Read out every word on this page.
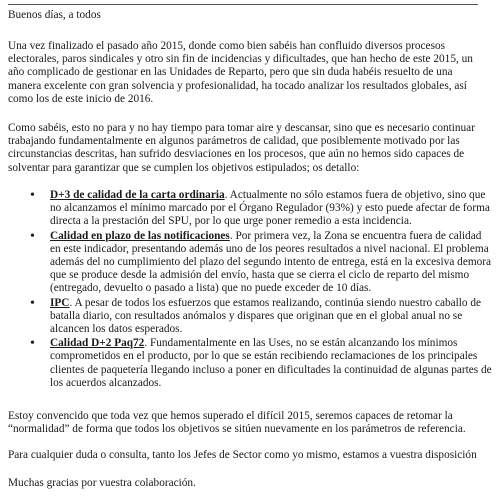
Buenos días, a todos
Una vez finalizado el pasado año 2015, donde como bien sabéis han confluido diversos procesos electorales, paros sindicales y otro sin fin de incidencias y dificultades, que han hecho de este 2015, un año complicado de gestionar en las Unidades de Reparto, pero que sin duda habéis resuelto de una manera excelente con gran solvencia y profesionalidad, ha tocado analizar los resultados globales, así como los de este inicio de 2016.
Como sabéis, esto no para y no hay tiempo para tomar aire y descansar, sino que es necesario continuar trabajando fundamentalmente en algunos parámetros de calidad, que posiblemente motivado por las circunstancias descritas, han sufrido desviaciones en los procesos, que aún no hemos sido capaces de solventar para garantizar que se cumplen los objetivos estipulados; os detallo:
• D+3 de calidad de la carta ordinaria. Actualmente no sólo estamos fuera de objetivo, sino que no alcanzamos el mínimo marcado por el Órgano Regulador (93%) y esto puede afectar de forma directa a la prestación del SPU, por lo que urge poner remedio a esta incidencia.
• Calidad en plazo de las notificaciones. Por primera vez, la Zona se encuentra fuera de calidad en este indicador, presentando además uno de los peores resultados a nivel nacional. El problema además del no cumplimiento del plazo del segundo intento de entrega, está en la excesiva demora que se produce desde la admisión del envío, hasta que se cierra el ciclo de reparto del mismo (entregado, devuelto o pasado a lista) que no puede exceder de 10 días.
• IPC. A pesar de todos los esfuerzos que estamos realizando, continúa siendo nuestro caballo de batalla diario, con resultados anómalos y dispares que originan que en el global anual no se alcancen los datos esperados.
• Calidad D+2 Paq72. Fundamentalmente en las Uses, no se están alcanzando los mínimos comprometidos en el producto, por lo que se están recibiendo reclamaciones de los principales clientes de paquetería llegando incluso a poner en dificultades la continuidad de algunas partes de los acuerdos alcanzados.
Estoy convencido que toda vez que hemos superado el difícil 2015, seremos capaces de retomar la “normalidad” de forma que todos los objetivos se sitúen nuevamente en los parámetros de referencia.
Para cualquier duda o consulta, tanto los Jefes de Sector como yo mismo, estamos a vuestra disposición
Muchas gracias por vuestra colaboración.
